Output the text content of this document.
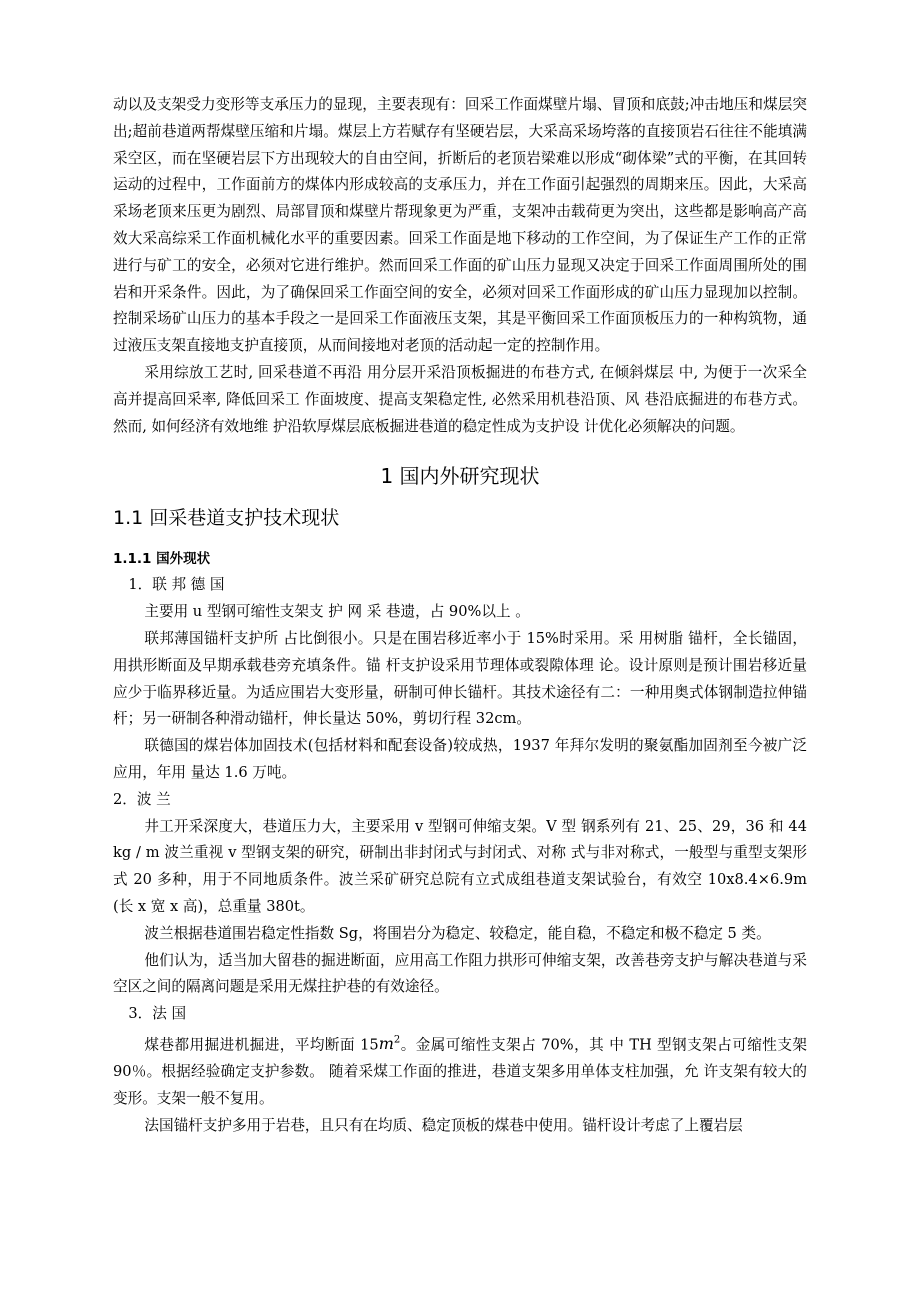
动以及支架受力变形等支承压力的显现，主要表现有：回采工作面煤壁片塌、冒顶和底鼓;冲击地压和煤层突出;超前巷道两帮煤壁压缩和片塌。煤层上方若赋存有坚硬岩层，大采高采场垮落的直接顶岩石往往不能填满采空区，而在坚硬岩层下方出现较大的自由空间，折断后的老顶岩梁难以形成“砌体梁”式的平衡，在其回转运动的过程中，工作面前方的煤体内形成较高的支承压力，并在工作面引起强烈的周期来压。因此，大采高采场老顶来压更为剧烈、局部冒顶和煤壁片帮现象更为严重，支架冲击载荷更为突出，这些都是影响高产高效大采高综采工作面机械化水平的重要因素。回采工作面是地下移动的工作空间，为了保证生产工作的正常进行与矿工的安全，必须对它进行维护。然而回采工作面的矿山压力显现又决定于回采工作面周围所处的围岩和开采条件。因此，为了确保回采工作面空间的安全，必须对回采工作面形成的矿山压力显现加以控制。控制采场矿山压力的基本手段之一是回采工作面液压支架，其是平衡回采工作面顶板压力的一种构筑物，通过液压支架直接地支护直接顶，从而间接地对老顶的活动起一定的控制作用。

采用综放工艺时, 回采巷道不再沿 用分层开采沿顶板掘进的布巷方式, 在倾斜煤层 中, 为便于一次采全高并提高回采率, 降低回采工 作面坡度、提高支架稳定性, 必然采用机巷沿顶、风 巷沿底掘进的布巷方式。然而, 如何经济有效地维 护沿软厚煤层底板掘进巷道的稳定性成为支护设 计优化必须解决的问题。

1 国内外研究现状
1.1 回采巷道支护技术现状
1.1.1 国外现状

1．联 邦 德 国

主要用 u 型钢可缩性支架支 护 网 采 巷遗，占 90%以上 。

联邦薄国锚杆支护所 占比倒很小。只是在围岩移近率小于 15%时采用。采 用树脂 锚杆，全长锚固，用拱形断面及早期承载巷旁充填条件。锚 杆支护设采用节理体或裂隙体理 论。设计原则是预计围岩移近量应少于临界移近量。为适应围岩大变形量，研制可伸长锚杆。其技术途径有二：一种用奥式体钢制造拉伸锚杆；另一研制各种滑动锚杆，伸长量达 50%，剪切行程 32cm。

联德国的煤岩体加固技术(包括材料和配套设备)较成热，1937 年拜尔发明的聚氨酯加固剂至今被广泛应用，年用 量达 1.6 万吨。

2．波 兰

井工开采深度大，巷道压力大，主要采用 v 型钢可伸缩支架。V 型 钢系列有 21、25、29，36 和 44 kg / m 波兰重视 v 型钢支架的研究，研制出非封闭式与封闭式、对称 式与非对称式，一般型与重型支架形式 20 多种，用于不同地质条件。波兰采矿研究总院有立式成组巷道支架试验台，有效空 10x8.4×6.9m (长 x 宽 x 高)，总重量 380t。

波兰根据巷道围岩稳定性指数 Sg，将围岩分为稳定、较稳定，能自稳，不稳定和极不稳定 5 类。

他们认为，适当加大留巷的掘进断面，应用高工作阻力拱形可伸缩支架，改善巷旁支护与解决巷道与采空区之间的隔离问题是采用无煤拄护巷的有效途径。

3．法 国

煤巷都用掘进机掘进，平均断面 $15m^2$。金属可缩性支架占 70%，其 中 TH 型钢支架占可缩性支架 90％。根据经验确定支护参数。 随着采煤工作面的推进，巷道支架多用单体支柱加强，允 许支架有较大的变形。支架一般不复用。

法国锚杆支护多用于岩巷，且只有在均质、稳定顶板的煤巷中使用。锚杆设计考虑了上覆岩层
